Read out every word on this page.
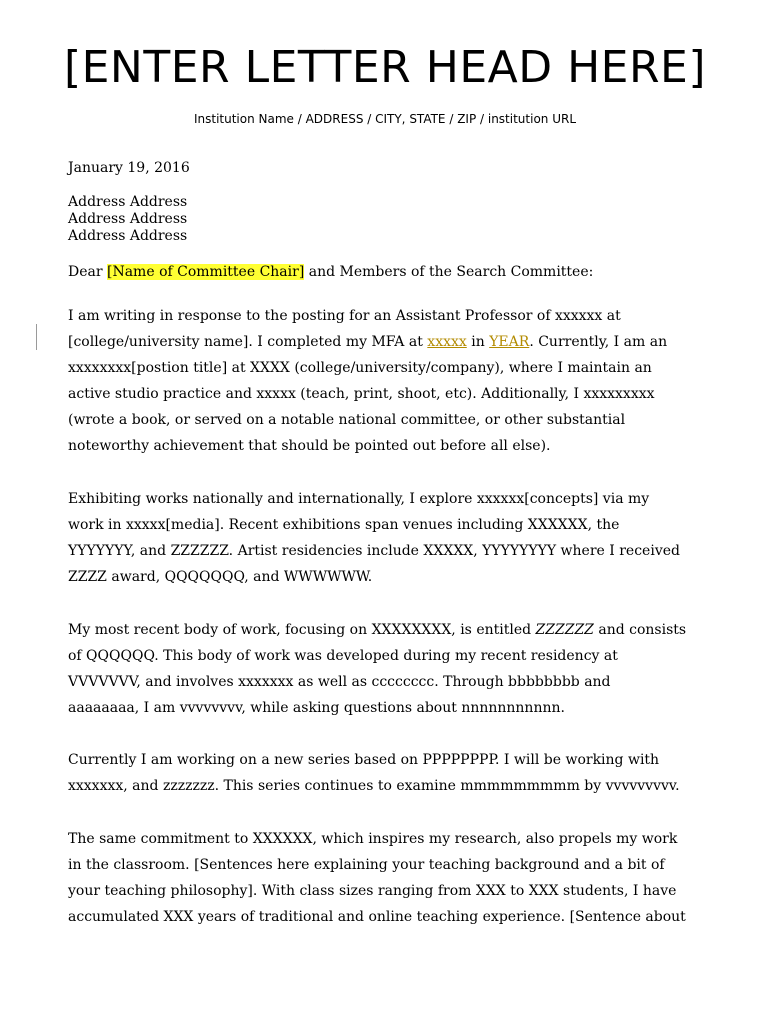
[ENTER LETTER HEAD HERE]
Institution Name / ADDRESS / CITY, STATE / ZIP / institution URL
January 19, 2016
Address Address
Address Address
Address Address
Dear [Name of Committee Chair] and Members of the Search Committee:
I am writing in response to the posting for an Assistant Professor of xxxxxx at
[college/university name]. I completed my MFA at xxxxx in YEAR. Currently, I am an
xxxxxxxx[postion title] at XXXX (college/university/company), where I maintain an
active studio practice and xxxxx (teach, print, shoot, etc). Additionally, I xxxxxxxxx
(wrote a book, or served on a notable national committee, or other substantial
noteworthy achievement that should be pointed out before all else).
Exhibiting works nationally and internationally, I explore xxxxxx[concepts] via my
work in xxxxx[media]. Recent exhibitions span venues including XXXXXX, the
YYYYYYY, and ZZZZZZ. Artist residencies include XXXXX, YYYYYYYY where I received
ZZZZ award, QQQQQQQ, and WWWWWW.
My most recent body of work, focusing on XXXXXXXX, is entitled ZZZZZZ and consists
of QQQQQQ. This body of work was developed during my recent residency at
VVVVVVV, and involves xxxxxxx as well as cccccccc. Through bbbbbbbb and
aaaaaaaa, I am vvvvvvvv, while asking questions about nnnnnnnnnnn.
Currently I am working on a new series based on PPPPPPPP. I will be working with
xxxxxxx, and zzzzzzz. This series continues to examine mmmmmmmmm by vvvvvvvvv.
The same commitment to XXXXXX, which inspires my research, also propels my work
in the classroom. [Sentences here explaining your teaching background and a bit of
your teaching philosophy]. With class sizes ranging from XXX to XXX students, I have
accumulated XXX years of traditional and online teaching experience. [Sentence about
